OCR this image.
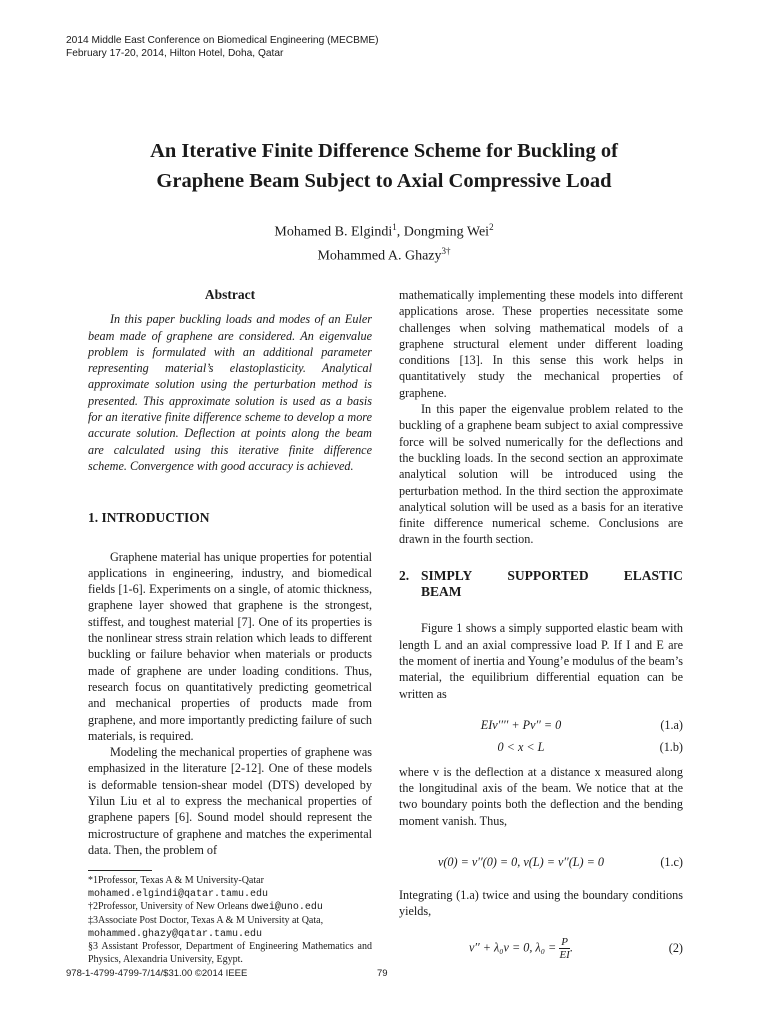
2014 Middle East Conference on Biomedical Engineering (MECBME)
February 17-20, 2014, Hilton Hotel, Doha, Qatar
An Iterative Finite Difference Scheme for Buckling of
Graphene Beam Subject to Axial Compressive Load
Mohamed B. Elgindi$^1$, Dongming Wei$^2$
Mohammed A. Ghazy$^{3\dagger}$
Abstract

In this paper buckling loads and modes of an Euler beam made of graphene are considered. An eigenvalue problem is formulated with an additional parameter representing material’s elastoplasticity. Analytical approximate solution using the perturbation method is presented. This approximate solution is used as a basis for an iterative finite difference scheme to develop a more accurate solution. Deflection at points along the beam are calculated using this iterative finite difference scheme. Convergence with good accuracy is achieved.

1. INTRODUCTION

Graphene material has unique properties for potential applications in engineering, industry, and biomedical fields [1-6]. Experiments on a single, of atomic thickness, graphene layer showed that graphene is the strongest, stiffest, and toughest material [7]. One of its properties is the nonlinear stress strain relation which leads to different buckling or failure behavior when materials or products made of graphene are under loading conditions. Thus, research focus on quantitatively predicting geometrical and mechanical properties of products made from graphene, and more importantly predicting failure of such materials, is required.

Modeling the mechanical properties of graphene was emphasized in the literature [2-12]. One of these models is deformable tension-shear model (DTS) developed by Yilun Liu et al to express the mechanical properties of graphene papers [6]. Sound model should represent the microstructure of graphene and matches the experimental data. Then, the problem of

*1Professor, Texas A & M University-Qatar
mohamed.elgindi@qatar.tamu.edu

†2Professor, University of New Orleans dwei@uno.edu

‡3Associate Post Doctor, Texas A & M University at Qata,
mohammed.ghazy@qatar.tamu.edu

§3 Assistant Professor, Department of Engineering Mathematics and Physics, Alexandria University, Egypt.

mathematically implementing these models into different applications arose. These properties necessitate some challenges when solving mathematical models of a graphene structural element under different loading conditions [13]. In this sense this work helps in quantitatively study the mechanical properties of graphene.

In this paper the eigenvalue problem related to the buckling of a graphene beam subject to axial compressive force will be solved numerically for the deflections and the buckling loads. In the second section an approximate analytical solution will be introduced using the perturbation method. In the third section the approximate analytical solution will be used as a basis for an iterative finite difference numerical scheme. Conclusions are drawn in the fourth section.

2. SIMPLY	SUPPORTED	ELASTIC
BEAM

Figure 1 shows a simply supported elastic beam with length L and an axial compressive load P. If I and E are the moment of inertia and Young’e modulus of the beam’s material, the equilibrium differential equation can be written as

EIv′′′′ + Pv′′ = 0	(1.a)
0 < x < L	(1.b)

where v is the deflection at a distance x measured along the longitudinal axis of the beam. We notice that at the two boundary points both the deflection and the bending moment vanish. Thus,

v(0) = v′′(0) = 0, v(L) = v′′(L) = 0	(1.c)

Integrating (1.a) twice and using the boundary conditions yields,

v′′ + λ₀v = 0, $\lambda_0 = \frac{P}{EI}$ .	(2)
978-1-4799-4799-7/14/$31.00 ©2014 IEEE	79
